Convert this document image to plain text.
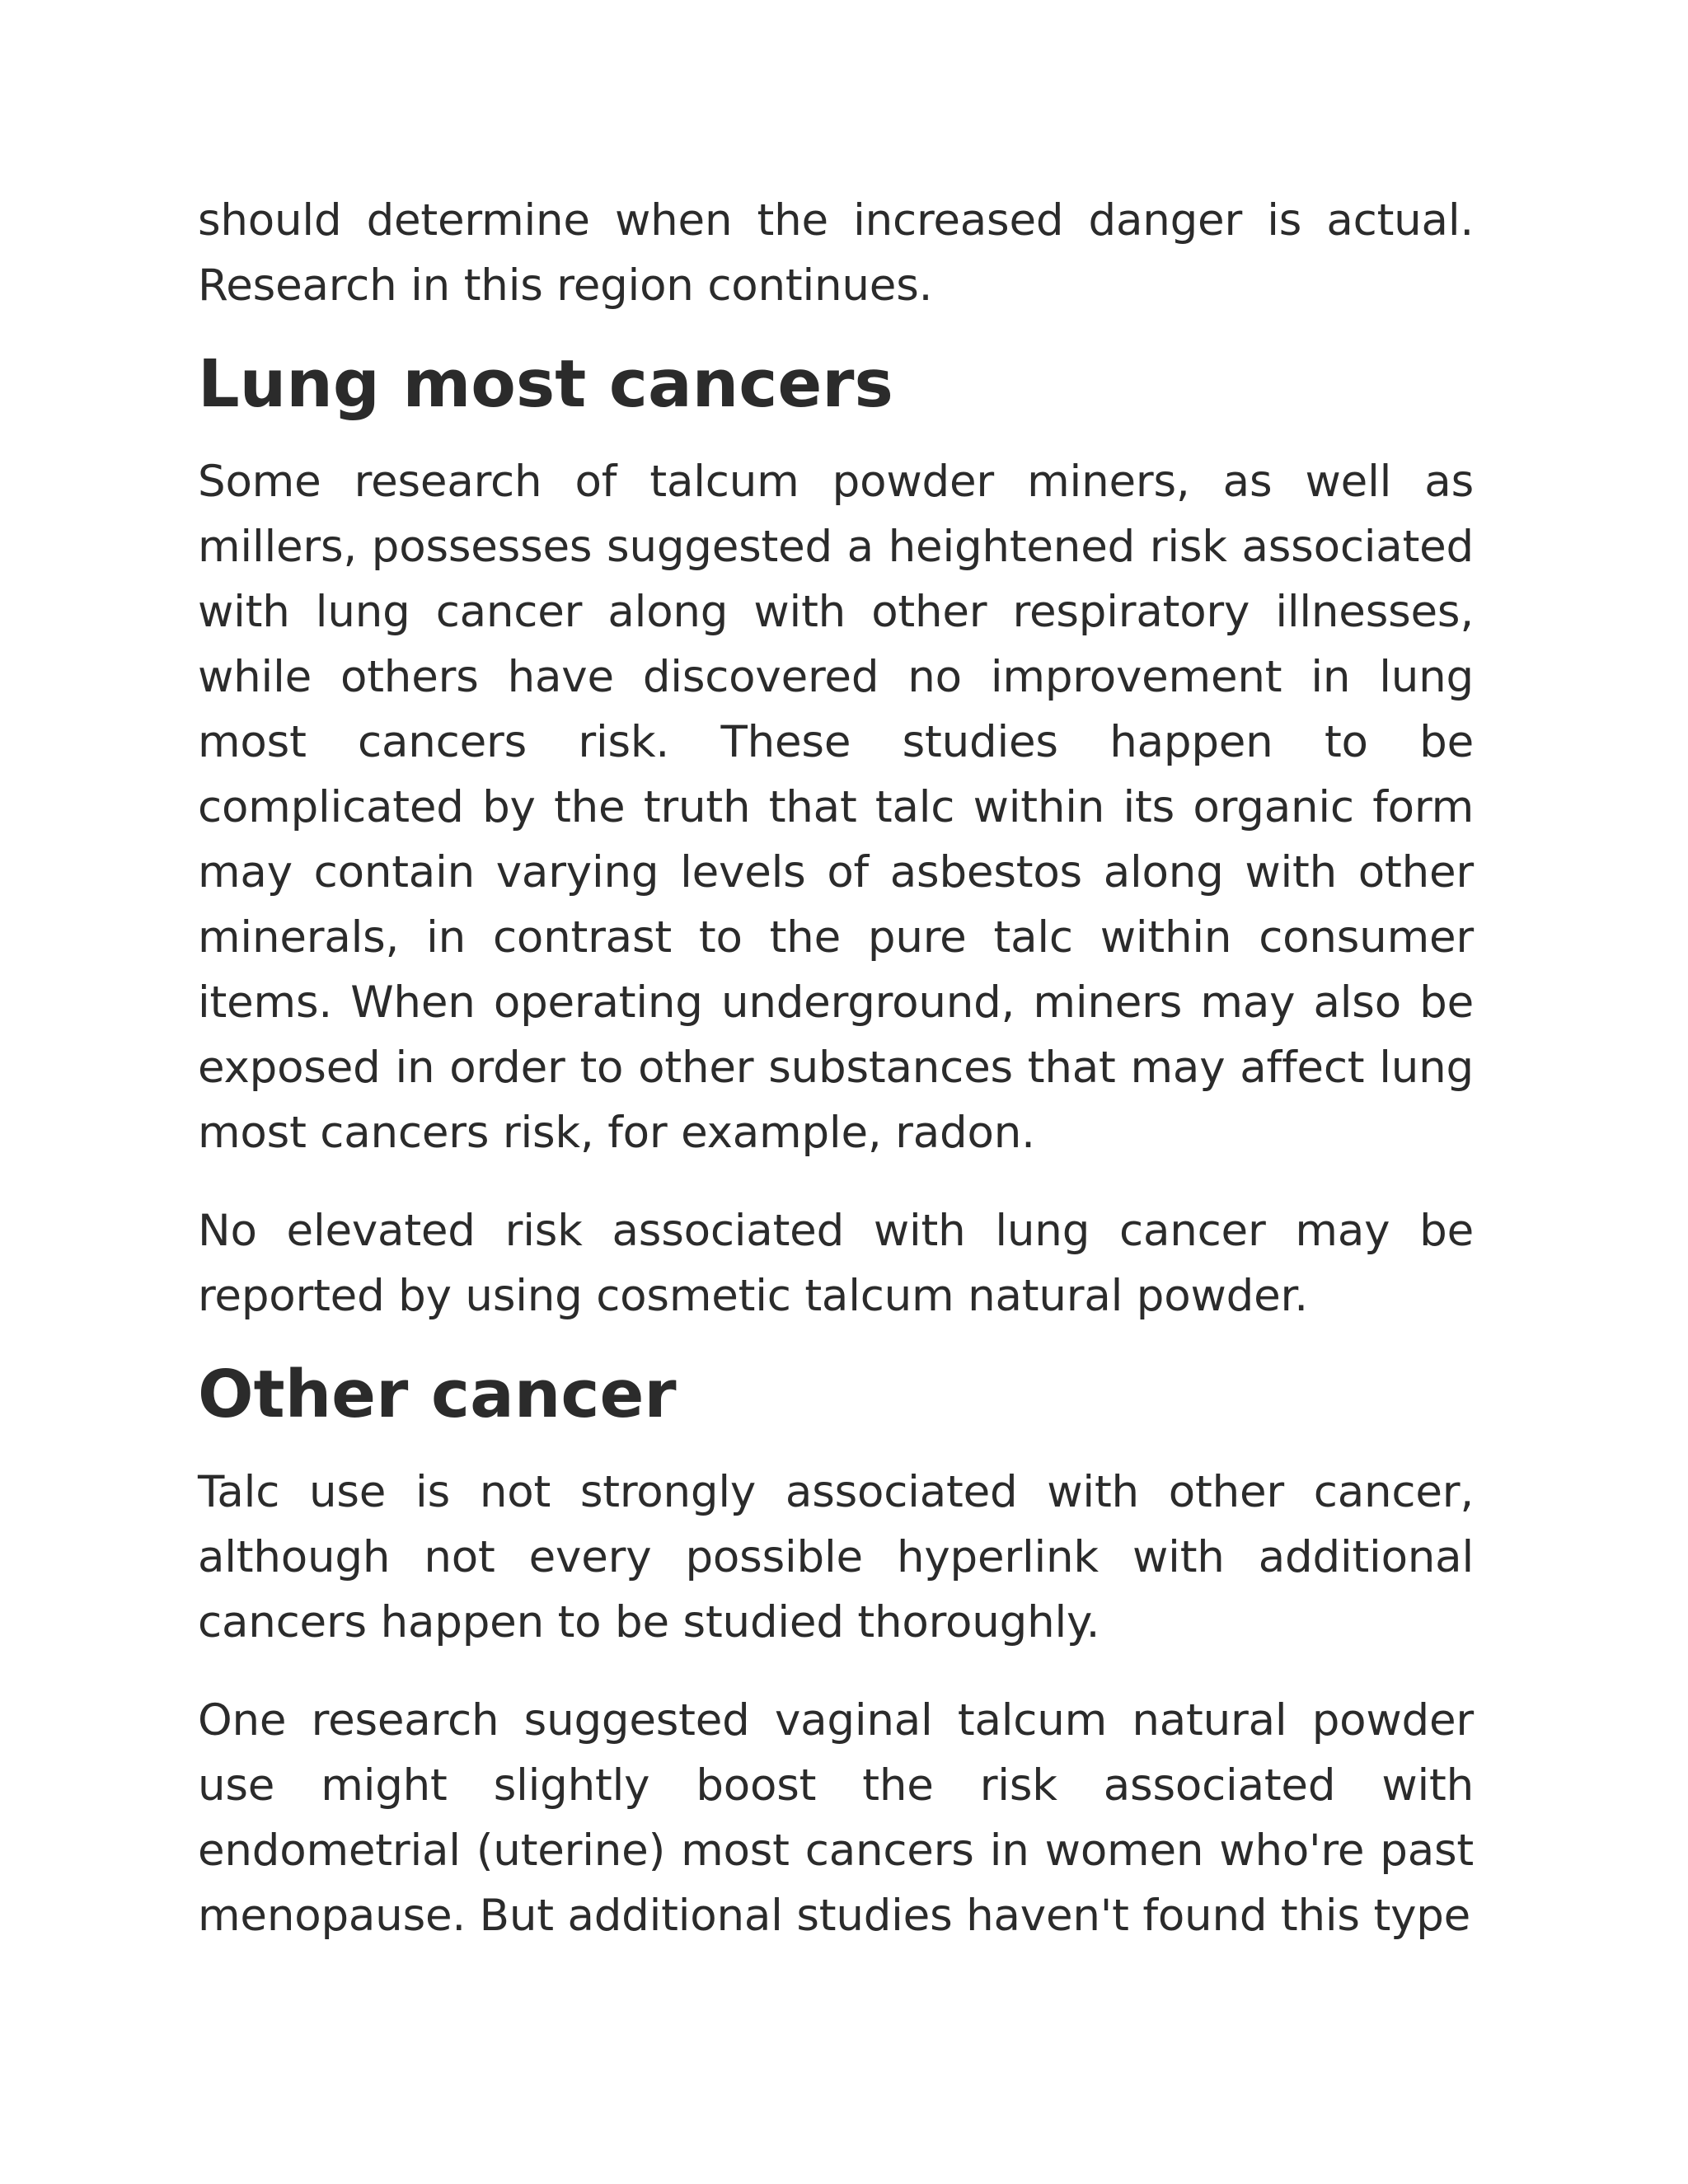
should determine when the increased danger is actual. Research in this region continues.

Lung most cancers

Some research of talcum powder miners, as well as millers, possesses suggested a heightened risk associated with lung cancer along with other respiratory illnesses, while others have discovered no improvement in lung most cancers risk. These studies happen to be complicated by the truth that talc within its organic form may contain varying levels of asbestos along with other minerals, in contrast to the pure talc within consumer items. When operating underground, miners may also be exposed in order to other substances that may affect lung most cancers risk, for example, radon.

No elevated risk associated with lung cancer may be reported by using cosmetic talcum natural powder.

Other cancer

Talc use is not strongly associated with other cancer, although not every possible hyperlink with additional cancers happen to be studied thoroughly.

One research suggested vaginal talcum natural powder use might slightly boost the risk associated with endometrial (uterine) most cancers in women who're past menopause. But additional studies haven't found this type
